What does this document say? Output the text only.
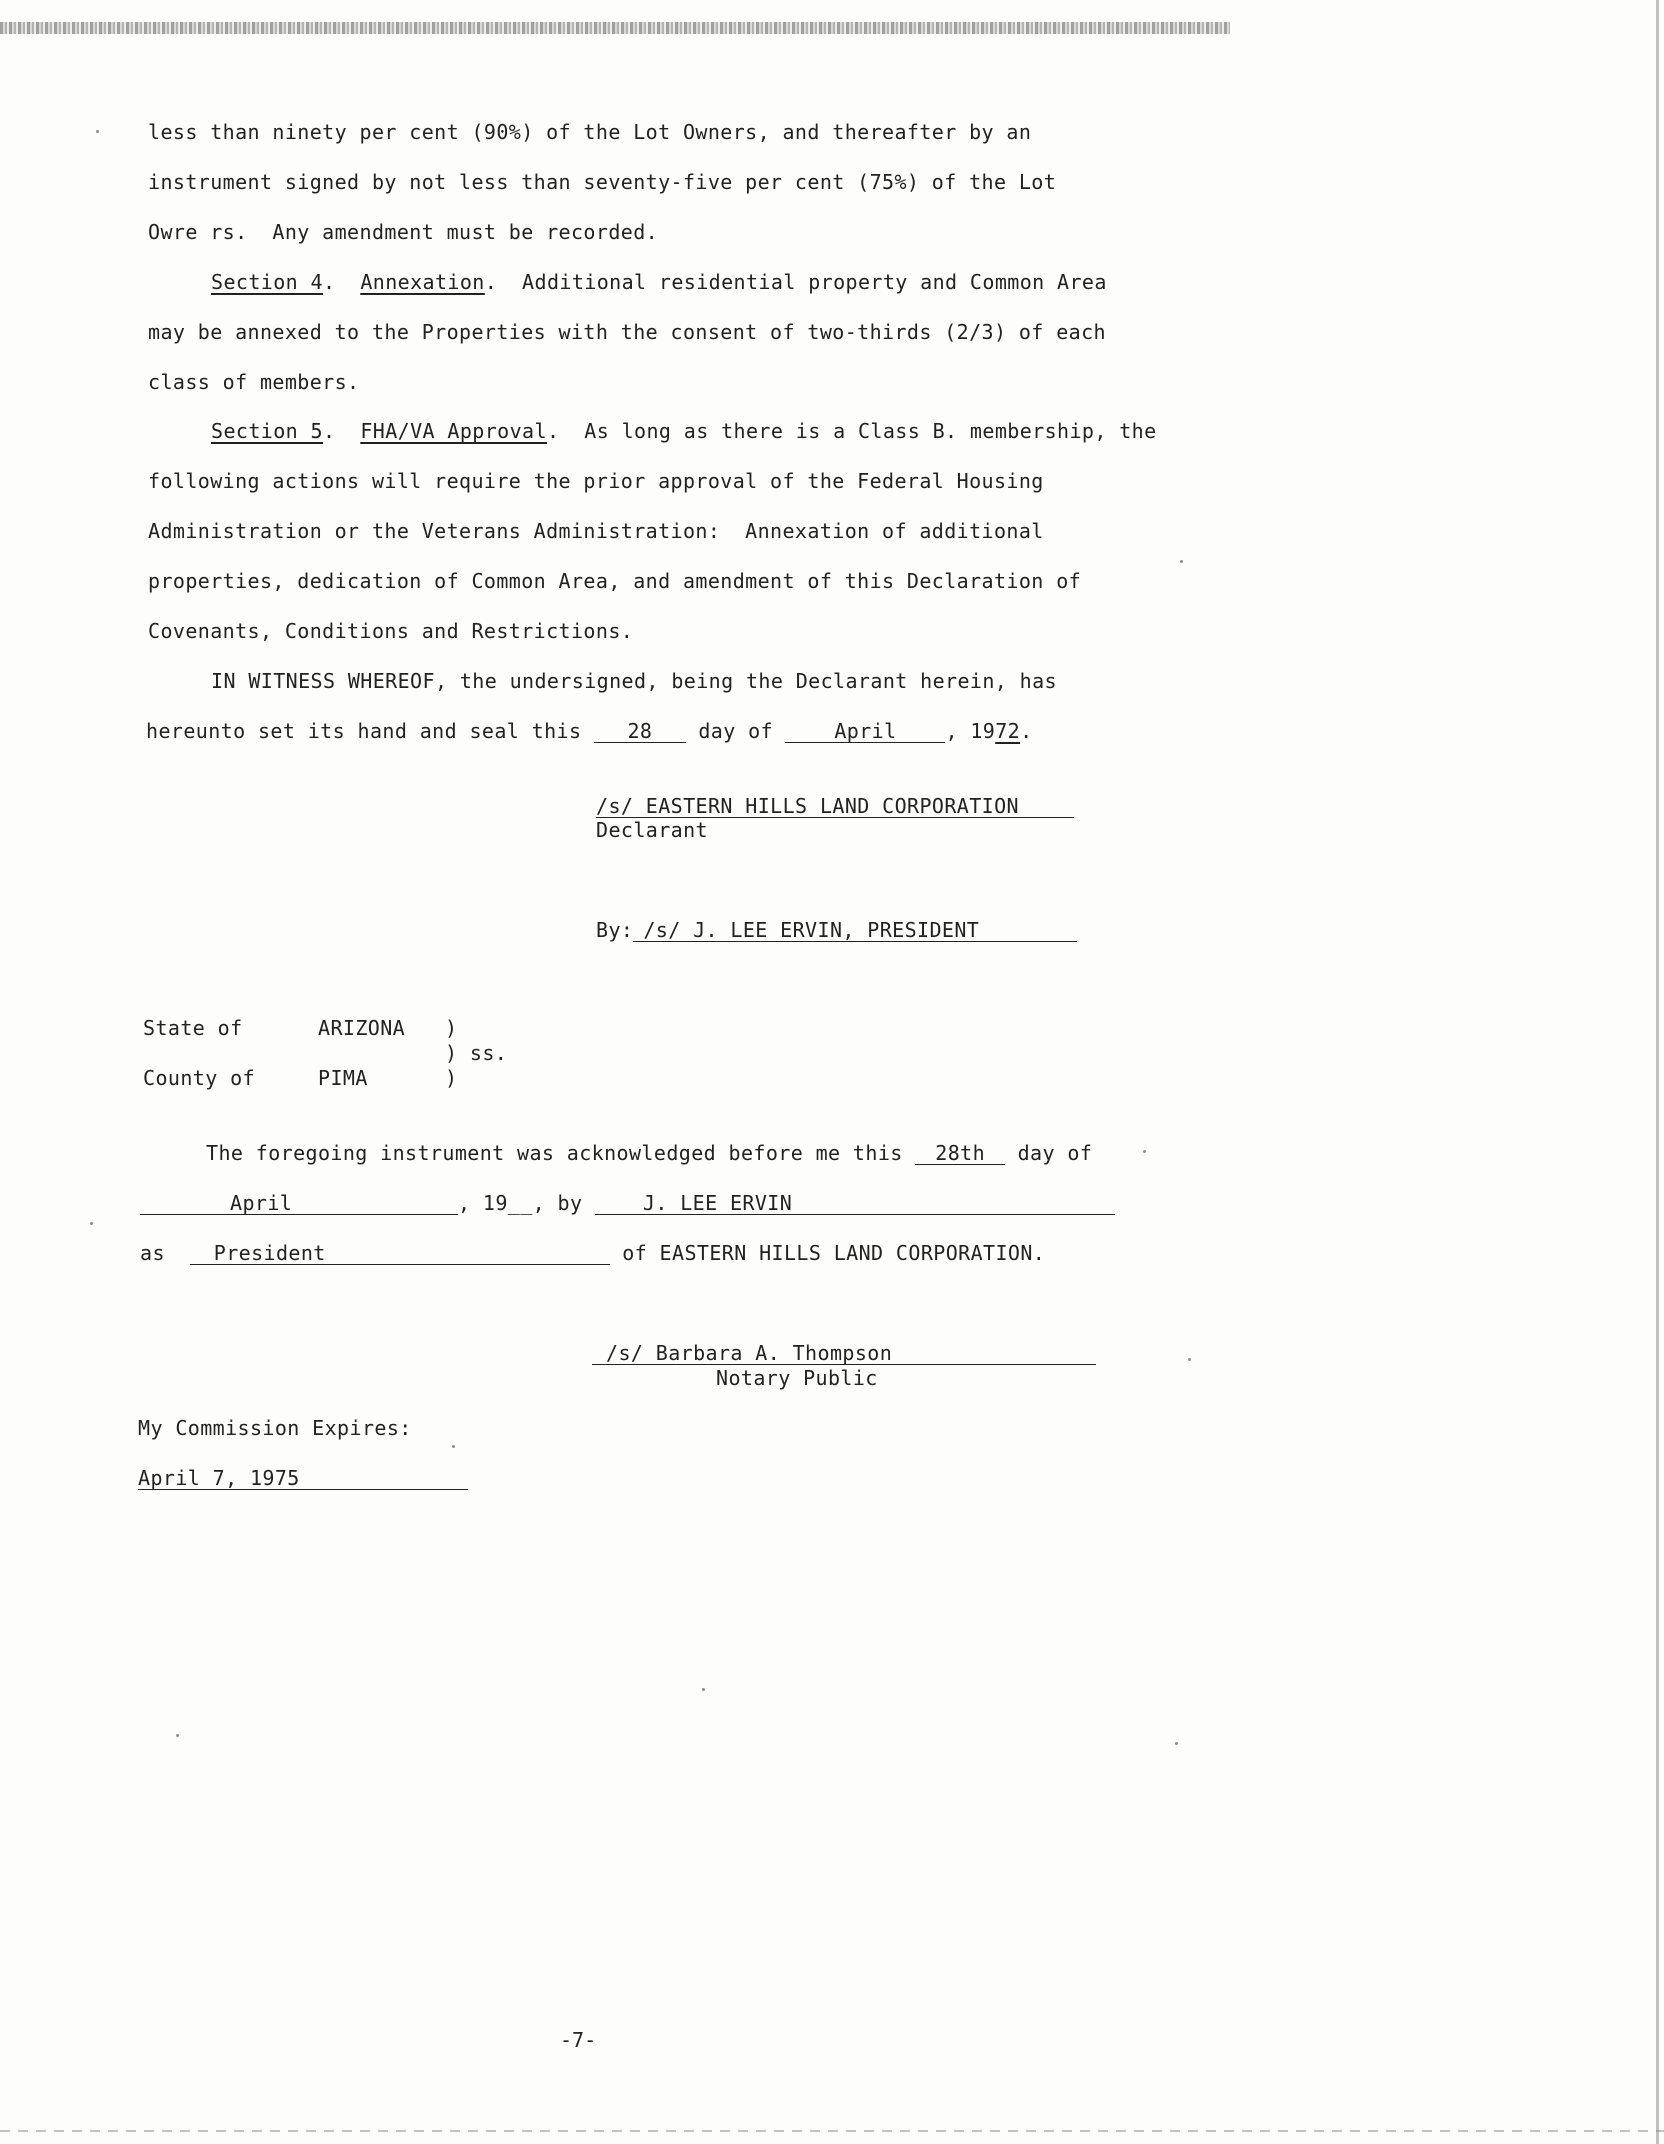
less than ninety per cent (90%) of the Lot Owners, and thereafter by an
instrument signed by not less than seventy-five per cent (75%) of the Lot
Owre rs.  Any amendment must be recorded.
Section 4.  Annexation.  Additional residential property and Common Area
may be annexed to the Properties with the consent of two-thirds (2/3) of each
class of members.
Section 5.  FHA/VA Approval.  As long as there is a Class B. membership, the
following actions will require the prior approval of the Federal Housing
Administration or the Veterans Administration:  Annexation of additional
properties, dedication of Common Area, and amendment of this Declaration of
Covenants, Conditions and Restrictions.
IN WITNESS WHEREOF, the undersigned, being the Declarant herein, has
hereunto set its hand and seal this 28 day of	April , 1972.
/s/ EASTERN HILLS LAND CORPORATION
Declarant
By: /s/ J. LEE ERVIN, PRESIDENT
State of	ARIZONA )
) ss.
County of	PIMA	)
The foregoing instrument was acknowledged before me this 28th day of
April	, 19__, by	J. LEE ERVIN
as President	of EASTERN HILLS LAND CORPORATION.
/s/ Barbara A. Thompson
Notary Public
My Commission Expires:
April 7, 1975
-7-
